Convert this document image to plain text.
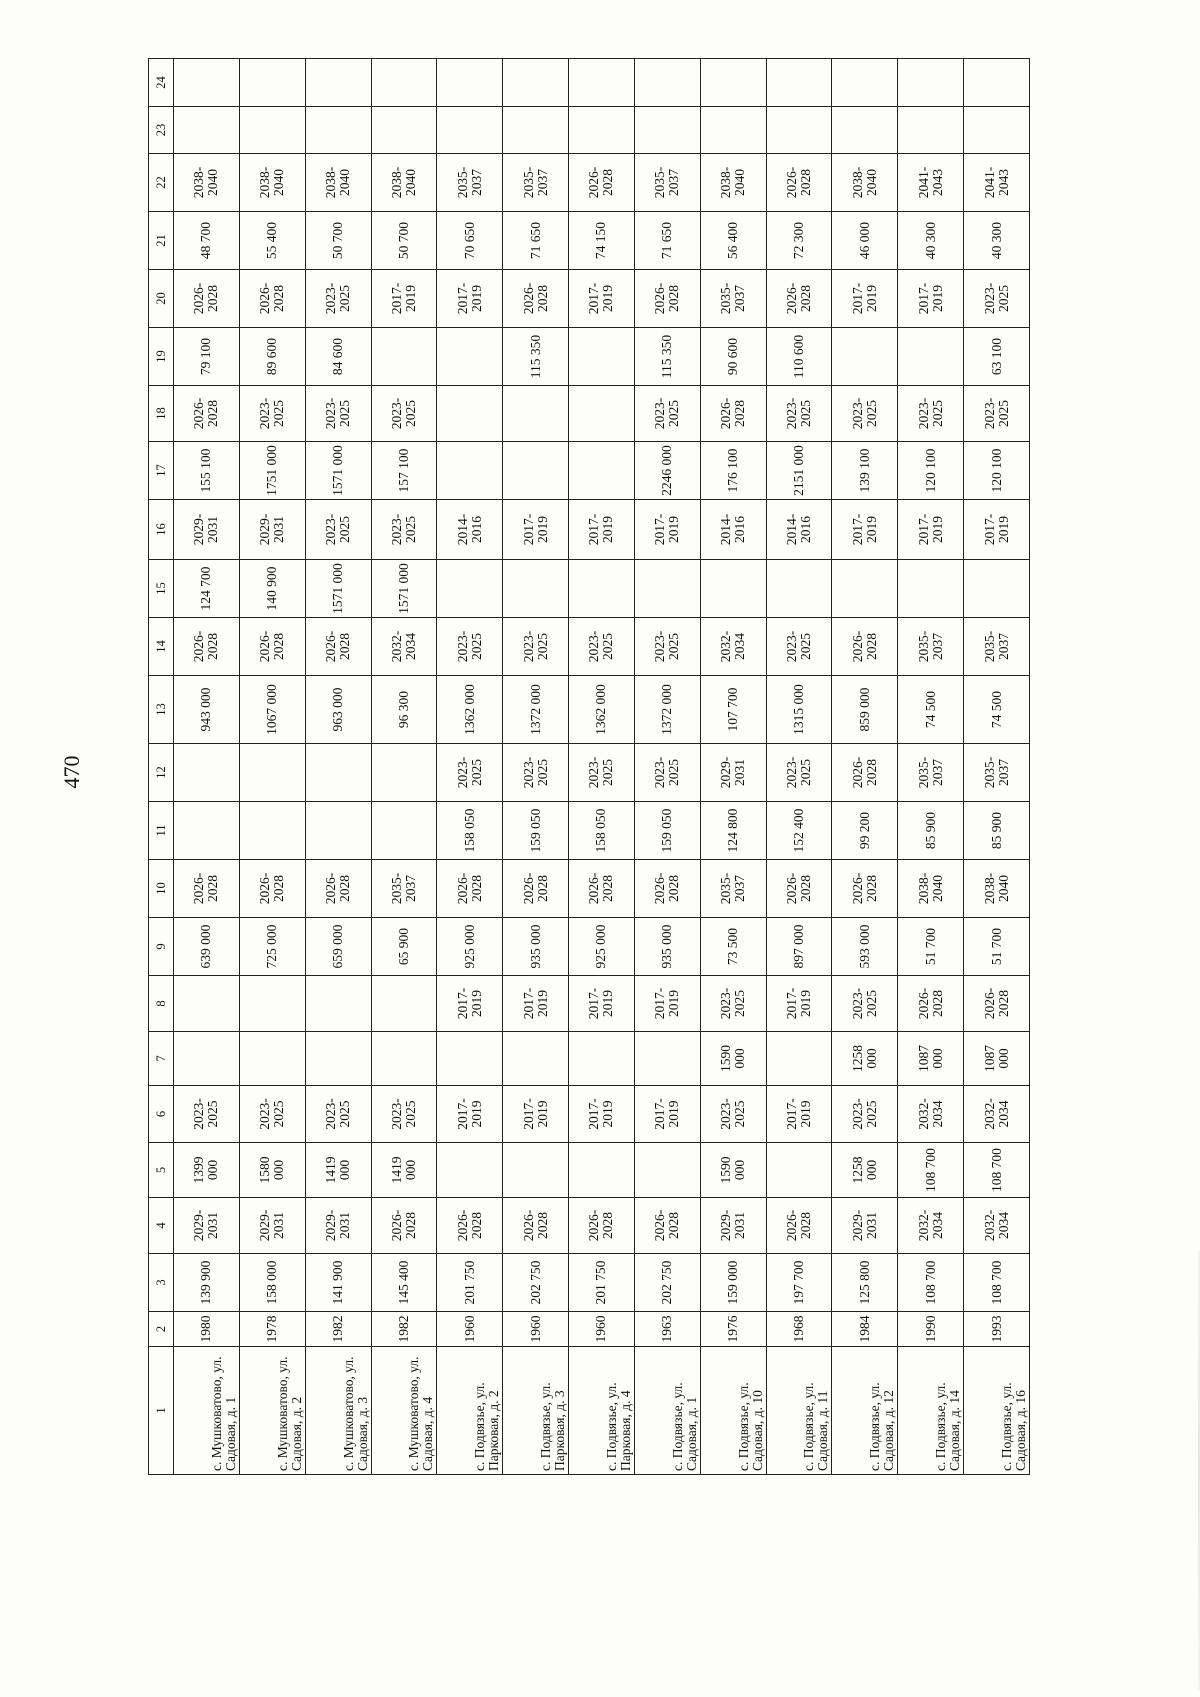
470
1	2	3	4	5	6	7	8	9	10	11	12	13	14	15	16	17	18	19	20	21	22	23	24
с. Мушковатово, ул. Садовая, д. 1	1980	139 900	2029-2031	1399 000	2023-2025			639 000	2026-2028			943 000	2026-2028	124 700	2029-2031	155 100	2026-2028	79 100	2026-2028	48 700	2038-2040		
с. Мушковатово, ул. Садовая, д. 2	1978	158 000	2029-2031	1580 000	2023-2025			725 000	2026-2028			1067 000	2026-2028	140 900	2029-2031	1751 000	2023-2025	89 600	2026-2028	55 400	2038-2040		
с. Мушковатово, ул. Садовая, д. 3	1982	141 900	2029-2031	1419 000	2023-2025			659 000	2026-2028			963 000	2026-2028	1571 000	2023-2025	1571 000	2023-2025	84 600	2023-2025	50 700	2038-2040		
с. Мушковатово, ул. Садовая, д. 4	1982	145 400	2026-2028	1419 000	2023-2025			65 900	2035-2037			96 300	2032-2034	1571 000	2023-2025	157 100	2023-2025		2017-2019	50 700	2038-2040		
с. Подвязье, ул. Парковая, д. 2	1960	201 750	2026-2028		2017-2019		2017-2019	925 000	2026-2028	158 050	2023-2025	1362 000	2023-2025		2014-2016				2017-2019	70 650	2035-2037		
с. Подвязье, ул. Парковая, д. 3	1960	202 750	2026-2028		2017-2019		2017-2019	935 000	2026-2028	159 050	2023-2025	1372 000	2023-2025		2017-2019			115 350	2026-2028	71 650	2035-2037		
с. Подвязье, ул. Парковая, д. 4	1960	201 750	2026-2028		2017-2019		2017-2019	925 000	2026-2028	158 050	2023-2025	1362 000	2023-2025		2017-2019				2017-2019	74 150	2026-2028		
с. Подвязье, ул. Садовая, д. 1	1963	202 750	2026-2028		2017-2019		2017-2019	935 000	2026-2028	159 050	2023-2025	1372 000	2023-2025		2017-2019	2246 000	2023-2025	115 350	2026-2028	71 650	2035-2037		
с. Подвязье, ул. Садовая, д. 10	1976	159 000	2029-2031	1590 000	2023-2025	1590 000	2023-2025	73 500	2035-2037	124 800	2029-2031	107 700	2032-2034		2014-2016	176 100	2026-2028	90 600	2035-2037	56 400	2038-2040		
с. Подвязье, ул. Садовая, д. 11	1968	197 700	2026-2028		2017-2019		2017-2019	897 000	2026-2028	152 400	2023-2025	1315 000	2023-2025		2014-2016	2151 000	2023-2025	110 600	2026-2028	72 300	2026-2028		
с. Подвязье, ул. Садовая, д. 12	1984	125 800	2029-2031	1258 000	2023-2025	1258 000	2023-2025	593 000	2026-2028	99 200	2026-2028	859 000	2026-2028		2017-2019	139 100	2023-2025		2017-2019	46 000	2038-2040		
с. Подвязье, ул. Садовая, д. 14	1990	108 700	2032-2034	108 700	2032-2034	1087 000	2026-2028	51 700	2038-2040	85 900	2035-2037	74 500	2035-2037		2017-2019	120 100	2023-2025		2017-2019	40 300	2041-2043		
с. Подвязье, ул. Садовая, д. 16	1993	108 700	2032-2034	108 700	2032-2034	1087 000	2026-2028	51 700	2038-2040	85 900	2035-2037	74 500	2035-2037		2017-2019	120 100	2023-2025	63 100	2023-2025	40 300	2041-2043		
